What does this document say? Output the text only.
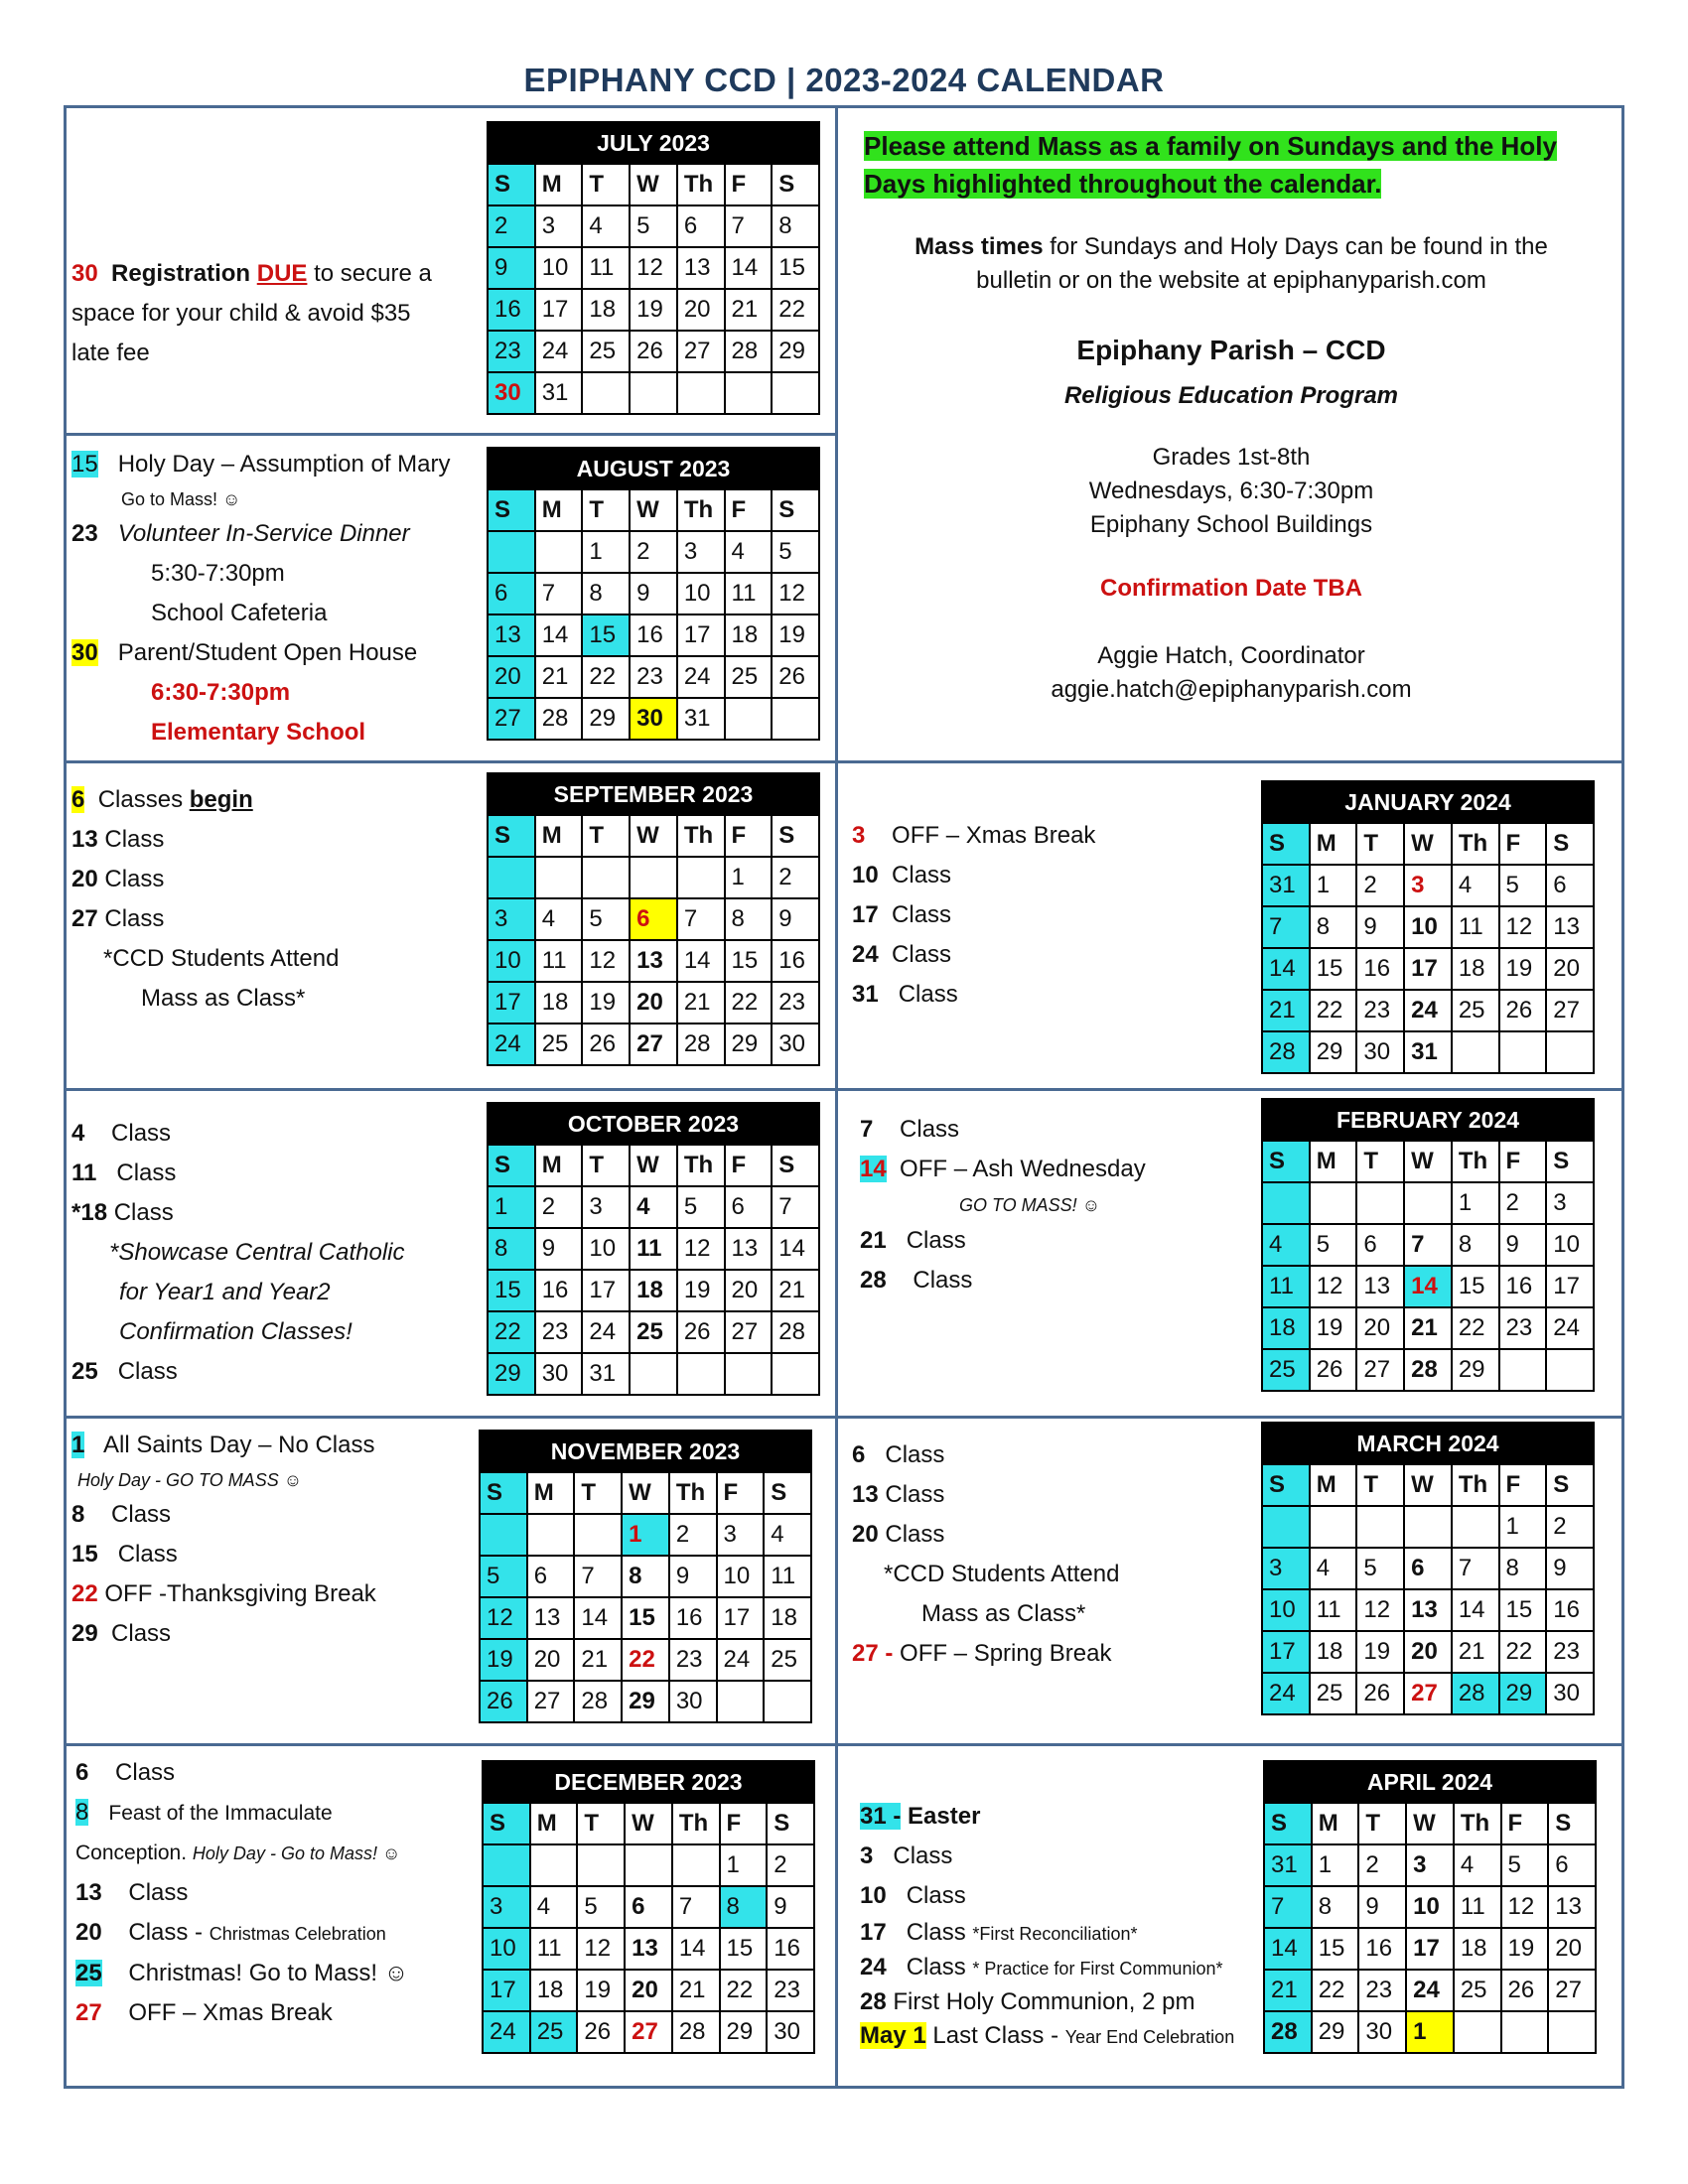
EPIPHANY CCD | 2023-2024 CALENDAR
Please attend Mass as a family on Sundays and the Holy Days highlighted throughout the calendar.
Mass times for Sundays and Holy Days can be found in the bulletin or on the website at epiphanyparish.com
Epiphany Parish – CCD
Religious Education Program
Grades 1st-8th
Wednesdays, 6:30-7:30pm
Epiphany School Buildings
Confirmation Date TBA
Aggie Hatch, Coordinator
aggie.hatch@epiphanyparish.com
30 Registration DUE to secure a
space for your child & avoid $35
late fee
15 Holy Day – Assumption of Mary
Go to Mass! ☺
23 Volunteer In-Service Dinner
5:30-7:30pm
School Cafeteria
30 Parent/Student Open House
6:30-7:30pm
Elementary School
6 Classes begin
13 Class
20 Class
27 Class
*CCD Students Attend
Mass as Class*
4 Class
11 Class
*18 Class
*Showcase Central Catholic
for Year1 and Year2
Confirmation Classes!
25 Class
1 All Saints Day – No Class
Holy Day - GO TO MASS ☺
8 Class
15 Class
22 OFF -Thanksgiving Break
29 Class
6 Class
8 Feast of the Immaculate
Conception. Holy Day - Go to Mass! ☺
13 Class
20 Class - Christmas Celebration
25 Christmas! Go to Mass! ☺
27 OFF – Xmas Break
3 OFF – Xmas Break
10 Class
17 Class
24 Class
31 Class
7 Class
14 OFF – Ash Wednesday
GO TO MASS! ☺
21 Class
28 Class
6 Class
13 Class
20 Class
*CCD Students Attend
Mass as Class*
27 - OFF – Spring Break
31 - Easter
3 Class
10 Class
17 Class *First Reconciliation*
24 Class * Practice for First Communion*
28 First Holy Communion, 2 pm
May 1 Last Class - Year End Celebration
JULY 2023						
S	M	T	W	Th	F	S
2	3	4	5	6	7	8
9	10	11	12	13	14	15
16	17	18	19	20	21	22
23	24	25	26	27	28	29
30	31					
AUGUST 2023						
S	M	T	W	Th	F	S
		1	2	3	4	5
6	7	8	9	10	11	12
13	14	15	16	17	18	19
20	21	22	23	24	25	26
27	28	29	30	31		
SEPTEMBER 2023						
S	M	T	W	Th	F	S
					1	2
3	4	5	6	7	8	9
10	11	12	13	14	15	16
17	18	19	20	21	22	23
24	25	26	27	28	29	30
OCTOBER 2023						
S	M	T	W	Th	F	S
1	2	3	4	5	6	7
8	9	10	11	12	13	14
15	16	17	18	19	20	21
22	23	24	25	26	27	28
29	30	31				
NOVEMBER 2023						
S	M	T	W	Th	F	S
			1	2	3	4
5	6	7	8	9	10	11
12	13	14	15	16	17	18
19	20	21	22	23	24	25
26	27	28	29	30		
DECEMBER 2023						
S	M	T	W	Th	F	S
					1	2
3	4	5	6	7	8	9
10	11	12	13	14	15	16
17	18	19	20	21	22	23
24	25	26	27	28	29	30
JANUARY 2024						
S	M	T	W	Th	F	S
31	1	2	3	4	5	6
7	8	9	10	11	12	13
14	15	16	17	18	19	20
21	22	23	24	25	26	27
28	29	30	31			
FEBRUARY 2024						
S	M	T	W	Th	F	S
				1	2	3
4	5	6	7	8	9	10
11	12	13	14	15	16	17
18	19	20	21	22	23	24
25	26	27	28	29		
MARCH 2024						
S	M	T	W	Th	F	S
					1	2
3	4	5	6	7	8	9
10	11	12	13	14	15	16
17	18	19	20	21	22	23
24	25	26	27	28	29	30
APRIL 2024						
S	M	T	W	Th	F	S
31	1	2	3	4	5	6
7	8	9	10	11	12	13
14	15	16	17	18	19	20
21	22	23	24	25	26	27
28	29	30	1			
